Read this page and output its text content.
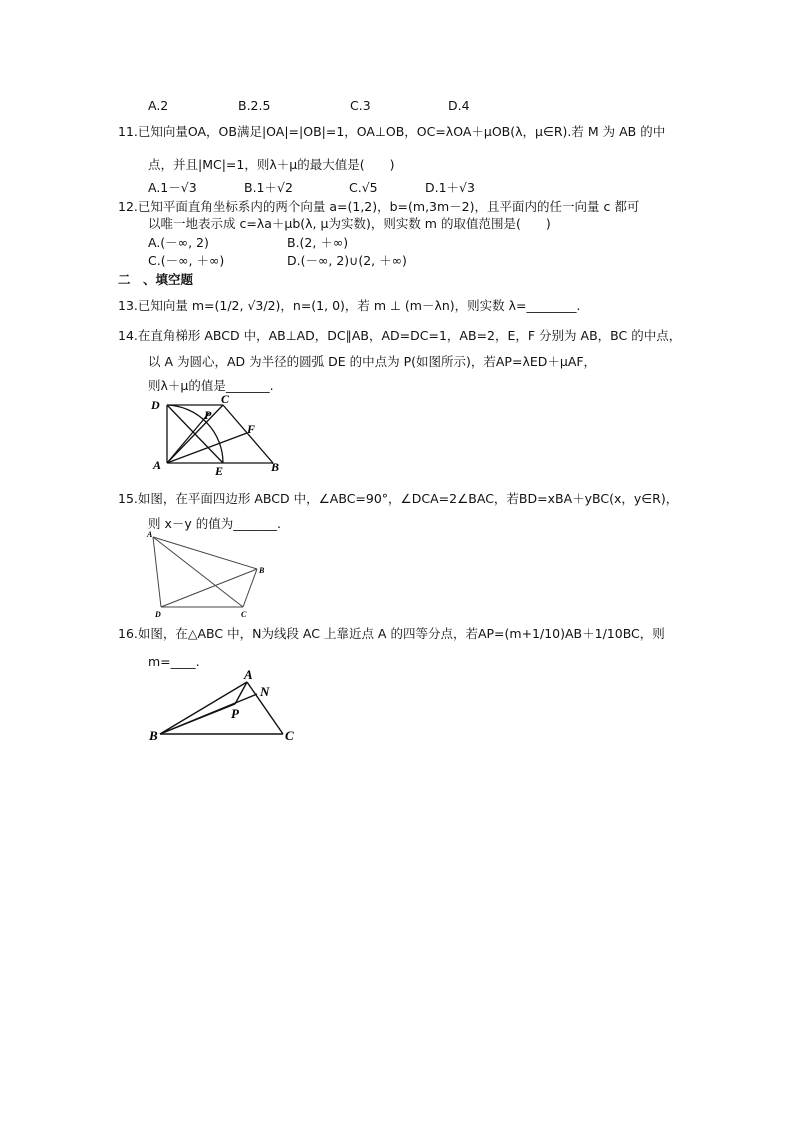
A.2	B.2.5	C.3	D.4
11.已知向量OA，OB满足|OA|=|OB|=1，OA⊥OB，OC=λOA＋μOB(λ，μ∈R).若 M 为 AB 的中
点，并且|MC|=1，则λ＋μ的最大值是(　　)
A.1－√3	B.1＋√2	C.√5	D.1＋√3
12.已知平面直角坐标系内的两个向量 a=(1,2)，b=(m,3m－2)，且平面内的任一向量 c 都可
以唯一地表示成 c=λa＋μb(λ, μ为实数)，则实数 m 的取值范围是(　　)
A.(－∞, 2)	B.(2, ＋∞)
C.(－∞, ＋∞)	D.(－∞, 2)∪(2, ＋∞)
二　、填空题
13.已知向量 m=(1/2, √3/2)，n=(1, 0)，若 m ⊥ (m－λn)，则实数 λ=________.
14.在直角梯形 ABCD 中，AB⊥AD，DC∥AB，AD=DC=1，AB=2，E，F 分别为 AB，BC 的中点，
以 A 为圆心，AD 为半径的圆弧 DE 的中点为 P(如图所示)，若AP=λED＋μAF，
则λ＋μ的值是_______.
D	C
P
F
A	E	B
15.如图，在平面四边形 ABCD 中，∠ABC=90°，∠DCA=2∠BAC，若BD=xBA＋yBC(x，y∈R)，
则 x－y 的值为_______.
A
B
D	C
16.如图，在△ABC 中，N为线段 AC 上靠近点 A 的四等分点，若AP=(m+1/10)AB＋1/10BC，则
m=____.
A
N
P
B	C
